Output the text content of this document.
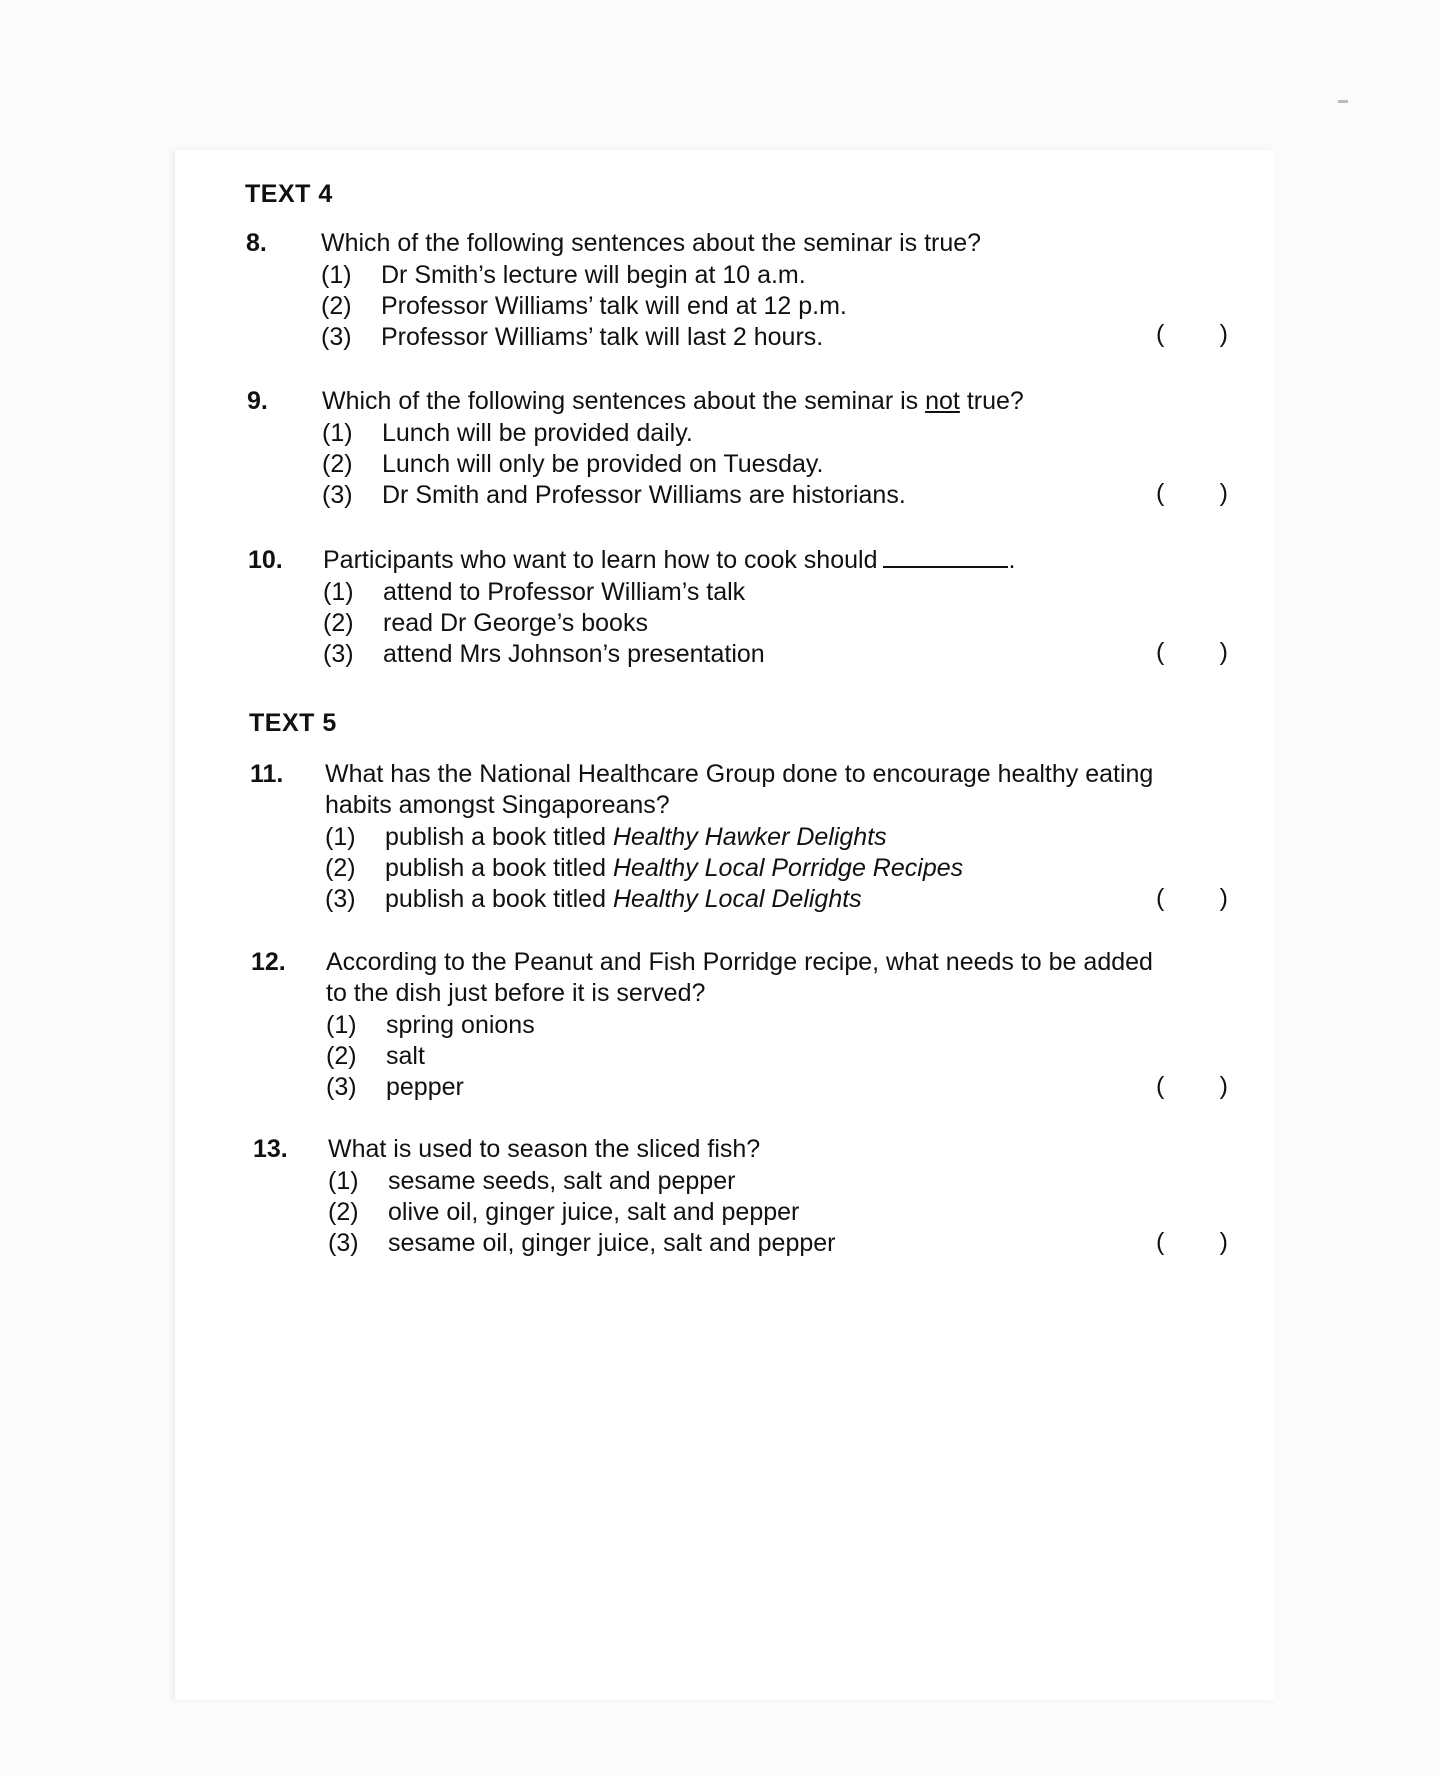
TEXT 4
8. Which of the following sentences about the seminar is true?
(1) Dr Smith’s lecture will begin at 10 a.m.
(2) Professor Williams’ talk will end at 12 p.m.
(3) Professor Williams’ talk will last 2 hours.	( )
9. Which of the following sentences about the seminar is not true?
(1) Lunch will be provided daily.
(2) Lunch will only be provided on Tuesday.
(3) Dr Smith and Professor Williams are historians.	( )
10. Participants who want to learn how to cook should	.
(1) attend to Professor William’s talk
(2) read Dr George’s books
(3) attend Mrs Johnson’s presentation	( )
TEXT 5
11. What has the National Healthcare Group done to encourage healthy eating habits amongst Singaporeans?
(1) publish a book titled Healthy Hawker Delights
(2) publish a book titled Healthy Local Porridge Recipes
(3) publish a book titled Healthy Local Delights	( )
12. According to the Peanut and Fish Porridge recipe, what needs to be added to the dish just before it is served?
(1) spring onions
(2) salt
(3) pepper	( )
13. What is used to season the sliced fish?
(1) sesame seeds, salt and pepper
(2) olive oil, ginger juice, salt and pepper
(3) sesame oil, ginger juice, salt and pepper	( )
